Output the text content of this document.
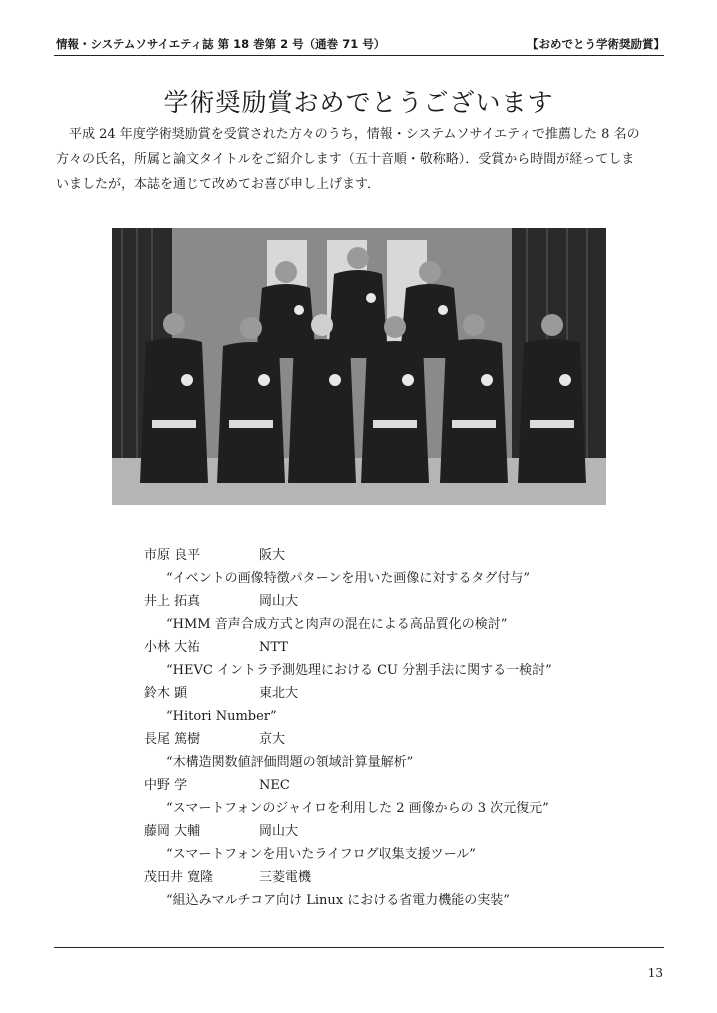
情報・システムソサイエティ誌 第 18 巻第 2 号（通巻 71 号）	【おめでとう学術奨励賞】
学術奨励賞おめでとうございます
　平成 24 年度学術奨励賞を受賞された方々のうち，情報・システムソサイエティで推薦した 8 名の
方々の氏名，所属と論文タイトルをご紹介します（五十音順・敬称略）．受賞から時間が経ってしま
いましたが，本誌を通じて改めてお喜び申し上げます．
市原 良平	阪大
“イベントの画像特徴パターンを用いた画像に対するタグ付与”
井上 拓真	岡山大
“HMM 音声合成方式と肉声の混在による高品質化の検討”
小林 大祐	NTT
“HEVC イントラ予測処理における CU 分割手法に関する一検討”
鈴木 顕	東北大
“Hitori Number”
長尾 篤樹	京大
“木構造関数値評価問題の領域計算量解析”
中野 学	NEC
“スマートフォンのジャイロを利用した 2 画像からの 3 次元復元”
藤岡 大輔	岡山大
“スマートフォンを用いたライフログ収集支援ツール”
茂田井 寛隆	三菱電機
“組込みマルチコア向け Linux における省電力機能の実装”
13
